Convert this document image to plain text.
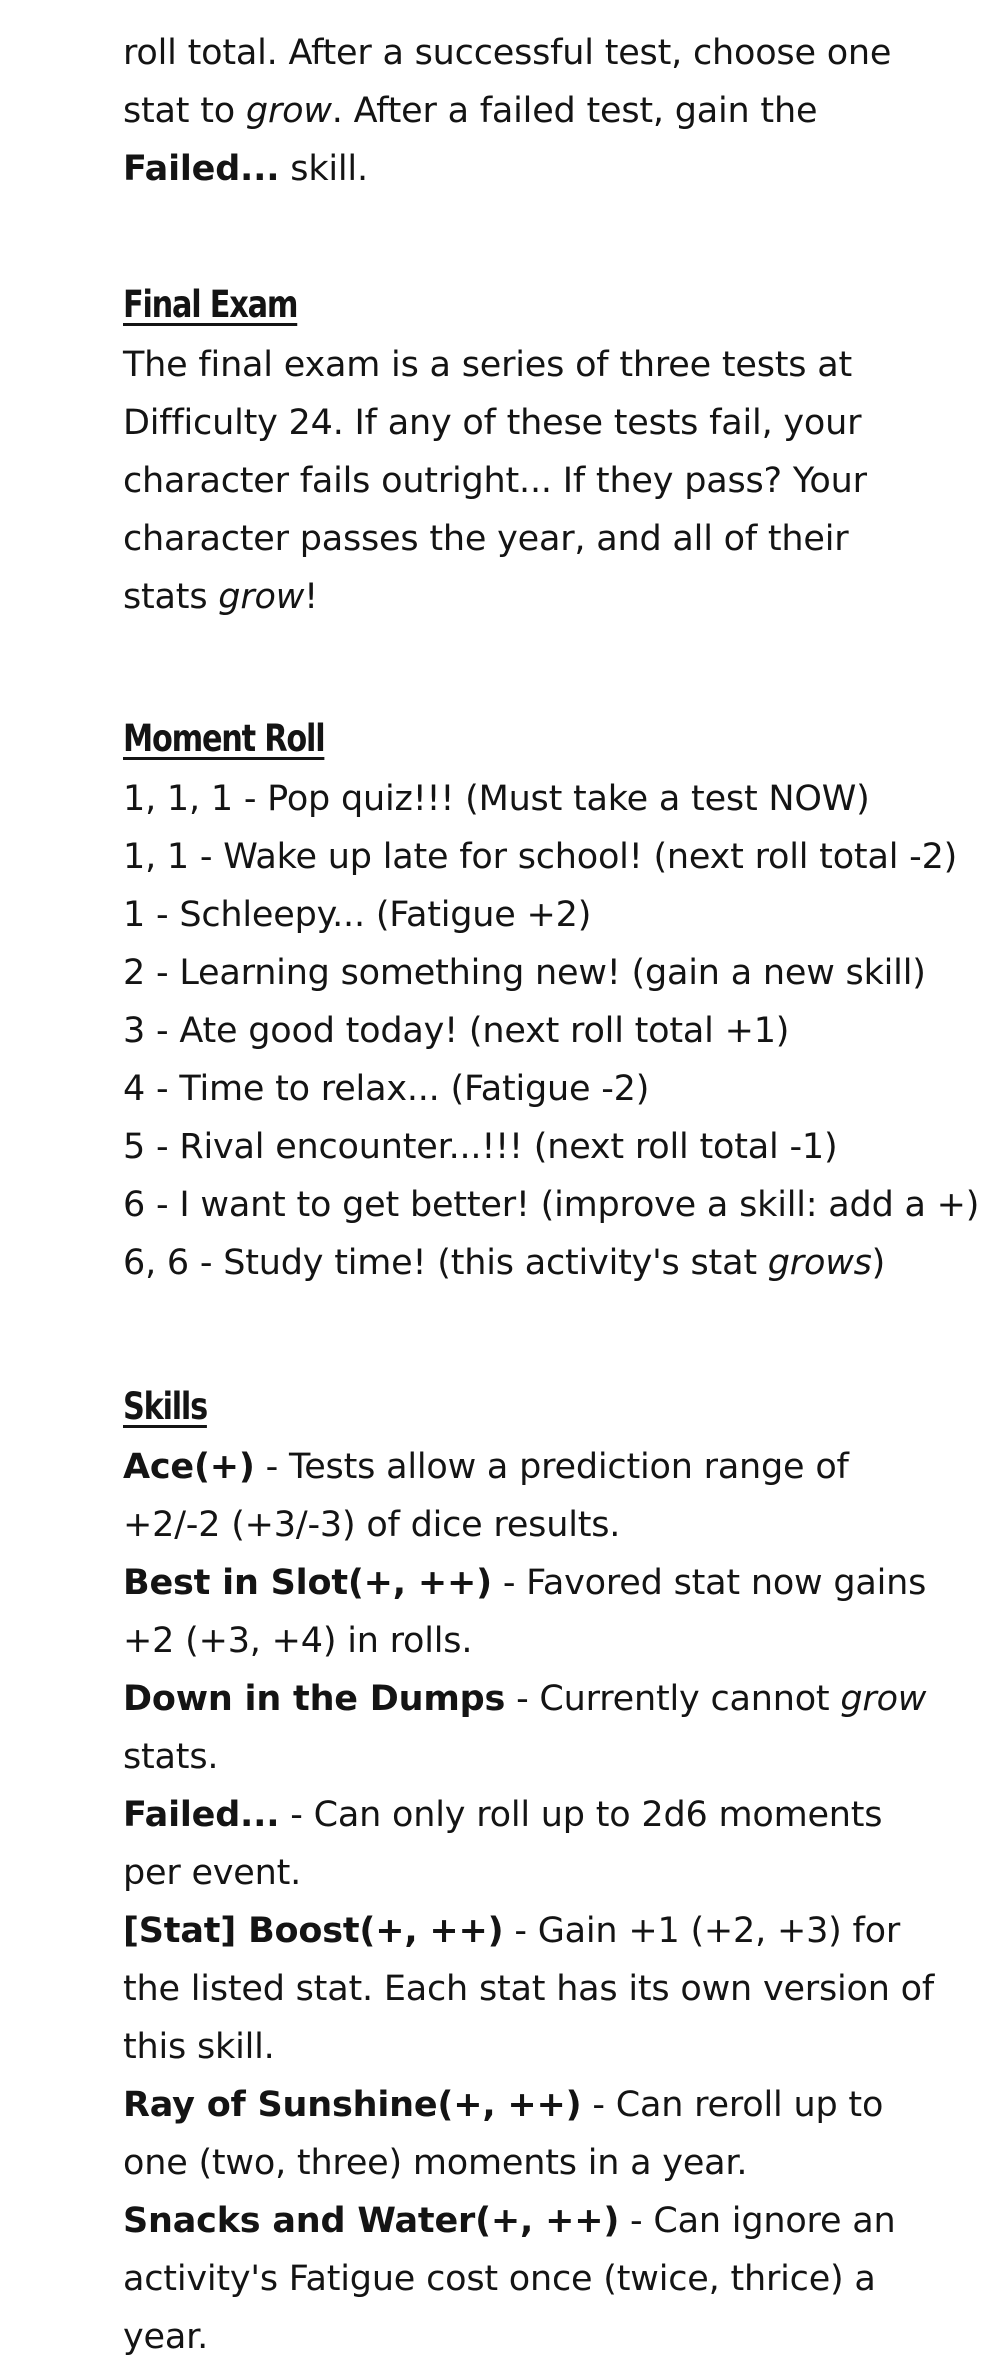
roll total. After a successful test, choose one stat to grow. After a failed test, gain the Failed... skill.

Final Exam

The final exam is a series of three tests at Difficulty 24. If any of these tests fail, your character fails outright... If they pass? Your character passes the year, and all of their stats grow!

Moment Roll

1, 1, 1 - Pop quiz!!! (Must take a test NOW)

1, 1 - Wake up late for school! (next roll total -2)

1 - Schleepy... (Fatigue +2)

2 - Learning something new! (gain a new skill)

3 - Ate good today! (next roll total +1)

4 - Time to relax... (Fatigue -2)

5 - Rival encounter...!!! (next roll total -1)

6 - I want to get better! (improve a skill: add a +)

6, 6 - Study time! (this activity's stat grows)

Skills

Ace(+) - Tests allow a prediction range of +2/-2 (+3/-3) of dice results.

Best in Slot(+, ++) - Favored stat now gains +2 (+3, +4) in rolls.

Down in the Dumps - Currently cannot grow stats.

Failed... - Can only roll up to 2d6 moments per event.

[Stat] Boost(+, ++) - Gain +1 (+2, +3) for the listed stat. Each stat has its own version of this skill.

Ray of Sunshine(+, ++) - Can reroll up to one (two, three) moments in a year.

Snacks and Water(+, ++) - Can ignore an activity's Fatigue cost once (twice, thrice) a year.
